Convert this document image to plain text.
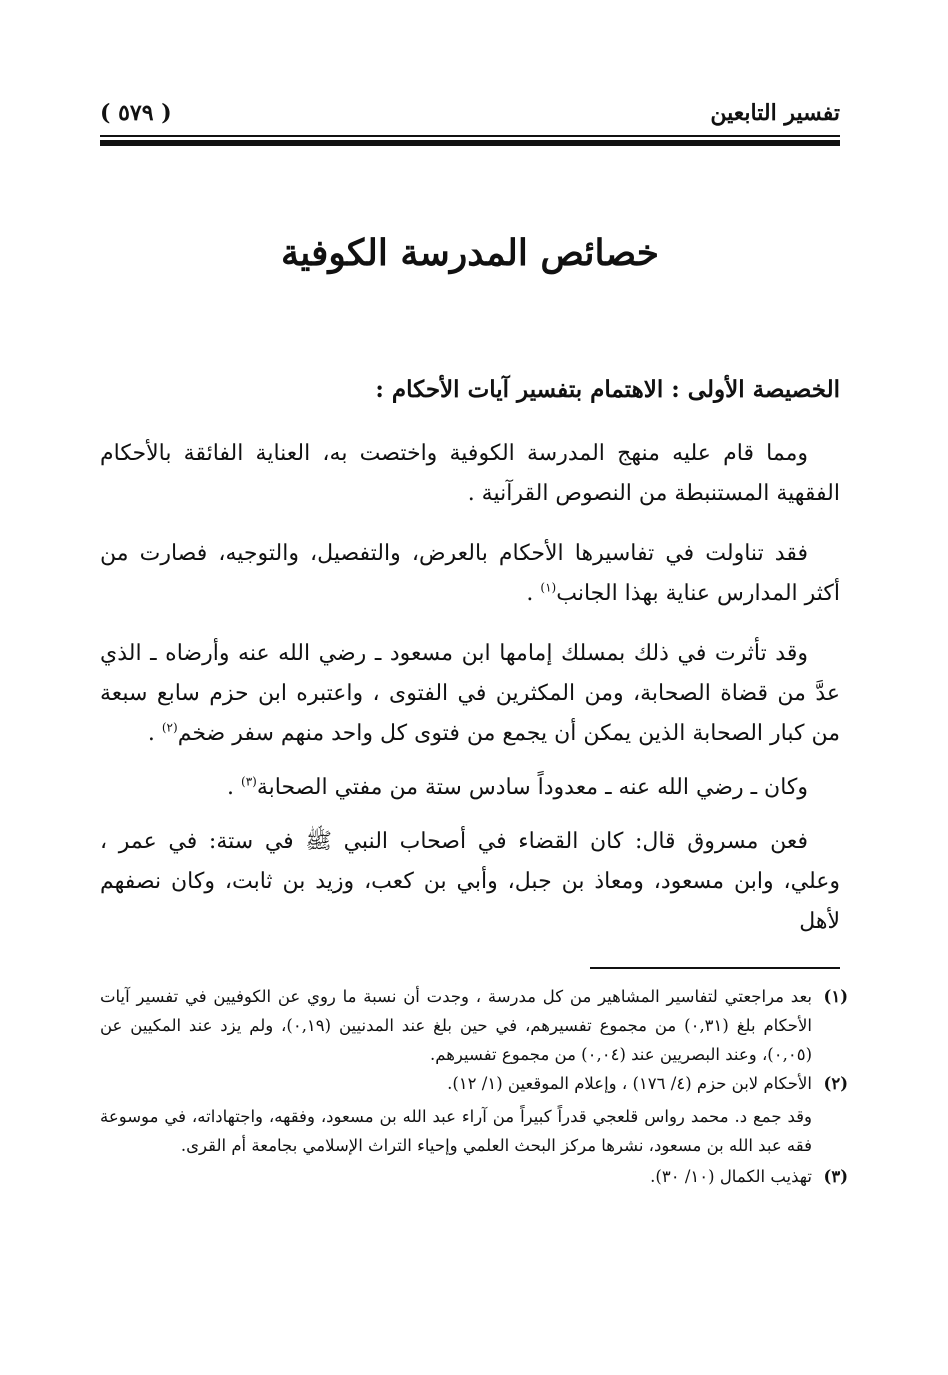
تفسير التابعين
( ٥٧٩ )
خصائص المدرسة الكوفية
الخصيصة الأولى : الاهتمام بتفسير آيات الأحكام :

ومما قام عليه منهج المدرسة الكوفية واختصت به، العناية الفائقة بالأحكام الفقهية المستنبطة من النصوص القرآنية .

فقد تناولت في تفاسيرها الأحكام بالعرض، والتفصيل، والتوجيه، فصارت من أكثر المدارس عناية بهذا الجانب$^{(١)}$ .

وقد تأثرت في ذلك بمسلك إمامها ابن مسعود ـ رضي الله عنه وأرضاه ـ الذي عدَّ من قضاة الصحابة، ومن المكثرين في الفتوى ، واعتبره ابن حزم سابع سبعة من كبار الصحابة الذين يمكن أن يجمع من فتوى كل واحد منهم سفر ضخم$^{(٢)}$ .

وكان ـ رضي الله عنه ـ معدوداً سادس ستة من مفتي الصحابة$^{(٣)}$ .

فعن مسروق قال: كان القضاء في أصحاب النبي ﷺ في ستة: في عمر ، وعلي، وابن مسعود، ومعاذ بن جبل، وأبي بن كعب، وزيد بن ثابت، وكان نصفهم لأهل

(١)
بعد مراجعتي لتفاسير المشاهير من كل مدرسة ، وجدت أن نسبة ما روي عن الكوفيين في تفسير آيات الأحكام بلغ (٠,٣١) من مجموع تفسيرهم، في حين بلغ عند المدنيين (٠,١٩)، ولم يزد عند المكيين عن (٠,٠٥)، وعند البصريين عند (٠,٠٤) من مجموع تفسيرهم.
(٢)
الأحكام لابن حزم (٤/ ١٧٦) ، وإعلام الموقعين (١/ ١٢).
وقد جمع د. محمد رواس قلعجي قدراً كبيراً من آراء عبد الله بن مسعود، وفقهه، واجتهاداته، في موسوعة فقه عبد الله بن مسعود، نشرها مركز البحث العلمي وإحياء التراث الإسلامي بجامعة أم القرى.
(٣)
تهذيب الكمال (١٠/ ٣٠).
